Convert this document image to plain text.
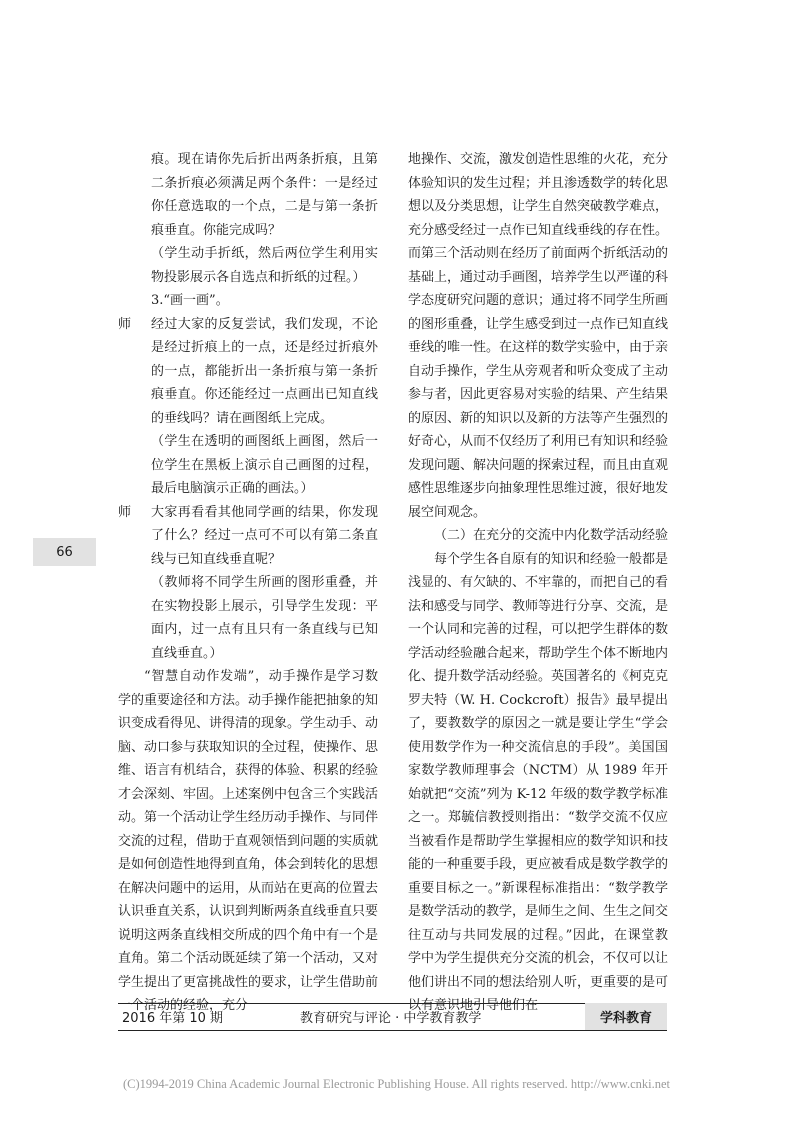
痕。现在请你先后折出两条折痕，且第二条折痕必须满足两个条件：一是经过你任意选取的一个点，二是与第一条折痕垂直。你能完成吗？

（学生动手折纸，然后两位学生利用实物投影展示各自选点和折纸的过程。）

3.“画一画”。

师	经过大家的反复尝试，我们发现，不论是经过折痕上的一点，还是经过折痕外的一点，都能折出一条折痕与第一条折痕垂直。你还能经过一点画出已知直线的垂线吗？请在画图纸上完成。

（学生在透明的画图纸上画图，然后一位学生在黑板上演示自己画图的过程，最后电脑演示正确的画法。）

师	大家再看看其他同学画的结果，你发现了什么？经过一点可不可以有第二条直线与已知直线垂直呢？

（教师将不同学生所画的图形重叠，并在实物投影上展示，引导学生发现：平面内，过一点有且只有一条直线与已知直线垂直。）

“智慧自动作发端”，动手操作是学习数学的重要途径和方法。动手操作能把抽象的知识变成看得见、讲得清的现象。学生动手、动脑、动口参与获取知识的全过程，使操作、思维、语言有机结合，获得的体验、积累的经验才会深刻、牢固。上述案例中包含三个实践活动。第一个活动让学生经历动手操作、与同伴交流的过程，借助于直观领悟到问题的实质就是如何创造性地得到直角，体会到转化的思想在解决问题中的运用，从而站在更高的位置去认识垂直关系，认识到判断两条直线垂直只要说明这两条直线相交所成的四个角中有一个是直角。第二个活动既延续了第一个活动，又对学生提出了更富挑战性的要求，让学生借助前一个活动的经验，充分

地操作、交流，激发创造性思维的火花，充分体验知识的发生过程；并且渗透数学的转化思想以及分类思想，让学生自然突破教学难点，充分感受经过一点作已知直线垂线的存在性。而第三个活动则在经历了前面两个折纸活动的基础上，通过动手画图，培养学生以严谨的科学态度研究问题的意识；通过将不同学生所画的图形重叠，让学生感受到过一点作已知直线垂线的唯一性。在这样的数学实验中，由于亲自动手操作，学生从旁观者和听众变成了主动参与者，因此更容易对实验的结果、产生结果的原因、新的知识以及新的方法等产生强烈的好奇心，从而不仅经历了利用已有知识和经验发现问题、解决问题的探索过程，而且由直观感性思维逐步向抽象理性思维过渡，很好地发展空间观念。

（二）在充分的交流中内化数学活动经验

每个学生各自原有的知识和经验一般都是浅显的、有欠缺的、不牢靠的，而把自己的看法和感受与同学、教师等进行分享、交流，是一个认同和完善的过程，可以把学生群体的数学活动经验融合起来，帮助学生个体不断地内化、提升数学活动经验。英国著名的《柯克克罗夫特（W. H. Cockcroft）报告》最早提出了，要教数学的原因之一就是要让学生“学会使用数学作为一种交流信息的手段”。美国国家数学教师理事会（NCTM）从 1989 年开始就把“交流”列为 K-12 年级的数学教学标准之一。郑毓信教授则指出：“数学交流不仅应当被看作是帮助学生掌握相应的数学知识和技能的一种重要手段，更应被看成是数学教学的重要目标之一。”新课程标准指出：“数学教学是数学活动的教学，是师生之间、生生之间交往互动与共同发展的过程。”因此，在课堂教学中为学生提供充分交流的机会，不仅可以让他们讲出不同的想法给别人听，更重要的是可以有意识地引导他们在

66
2016 年第 10 期	教育研究与评论 · 中学教育教学	学科教育
(C)1994-2019 China Academic Journal Electronic Publishing House. All rights reserved. http://www.cnki.net
